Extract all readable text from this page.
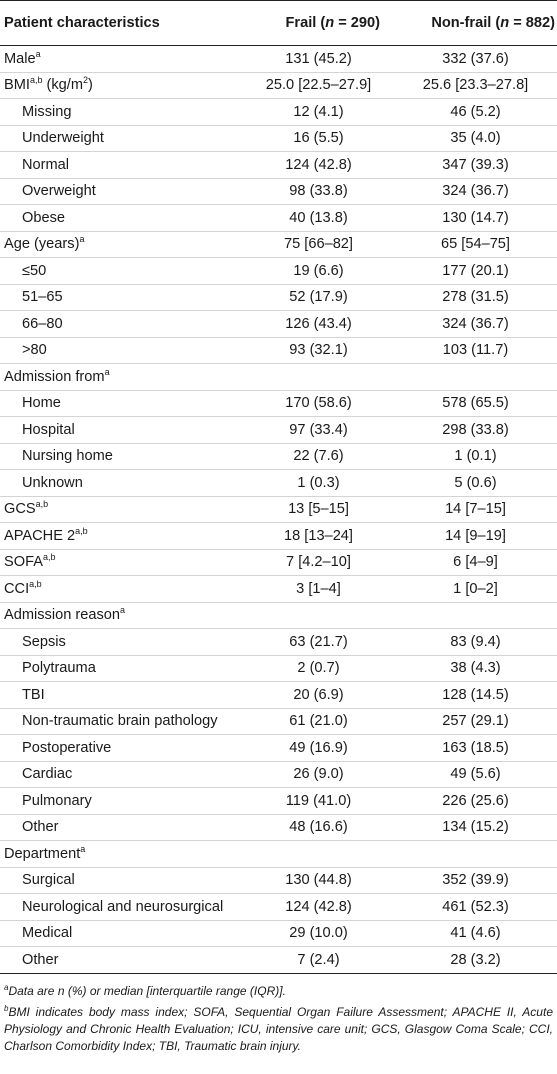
Patient characteristics	Frail (n = 290)	Non-frail (n = 882)
Male$^a$	131 (45.2)	332 (37.6)
BMI$^{a,b}$ $(kg/m^2)$	25.0 [22.5–27.9]	25.6 [23.3–27.8]
Missing	12 (4.1)	46 (5.2)
Underweight	16 (5.5)	35 (4.0)
Normal	124 (42.8)	347 (39.3)
Overweight	98 (33.8)	324 (36.7)
Obese	40 (13.8)	130 (14.7)
Age (years)$^a$	75 [66–82]	65 [54–75]
≤50	19 (6.6)	177 (20.1)
51–65	52 (17.9)	278 (31.5)
66–80	126 (43.4)	324 (36.7)
>80	93 (32.1)	103 (11.7)
Admission from$^a$		
Home	170 (58.6)	578 (65.5)
Hospital	97 (33.4)	298 (33.8)
Nursing home	22 (7.6)	1 (0.1)
Unknown	1 (0.3)	5 (0.6)
GCS$^{a,b}$	13 [5–15]	14 [7–15]
APACHE 2$^{a,b}$	18 [13–24]	14 [9–19]
SOFA$^{a,b}$	7 [4.2–10]	6 [4–9]
CCI$^{a,b}$	3 [1–4]	1 [0–2]
Admission reason$^a$		
Sepsis	63 (21.7)	83 (9.4)
Polytrauma	2 (0.7)	38 (4.3)
TBI	20 (6.9)	128 (14.5)
Non-traumatic brain pathology	61 (21.0)	257 (29.1)
Postoperative	49 (16.9)	163 (18.5)
Cardiac	26 (9.0)	49 (5.6)
Pulmonary	119 (41.0)	226 (25.6)
Other	48 (16.6)	134 (15.2)
Department$^a$		
Surgical	130 (44.8)	352 (39.9)
Neurological and neurosurgical	124 (42.8)	461 (52.3)
Medical	29 (10.0)	41 (4.6)
Other	7 (2.4)	28 (3.2)

$^a$Data are n (%) or median [interquartile range (IQR)].

$^b$BMI indicates body mass index; SOFA, Sequential Organ Failure Assessment; APACHE II, Acute Physiology and Chronic Health Evaluation; ICU, intensive care unit; GCS, Glasgow Coma Scale; CCI, Charlson Comorbidity Index; TBI, Traumatic brain injury.
